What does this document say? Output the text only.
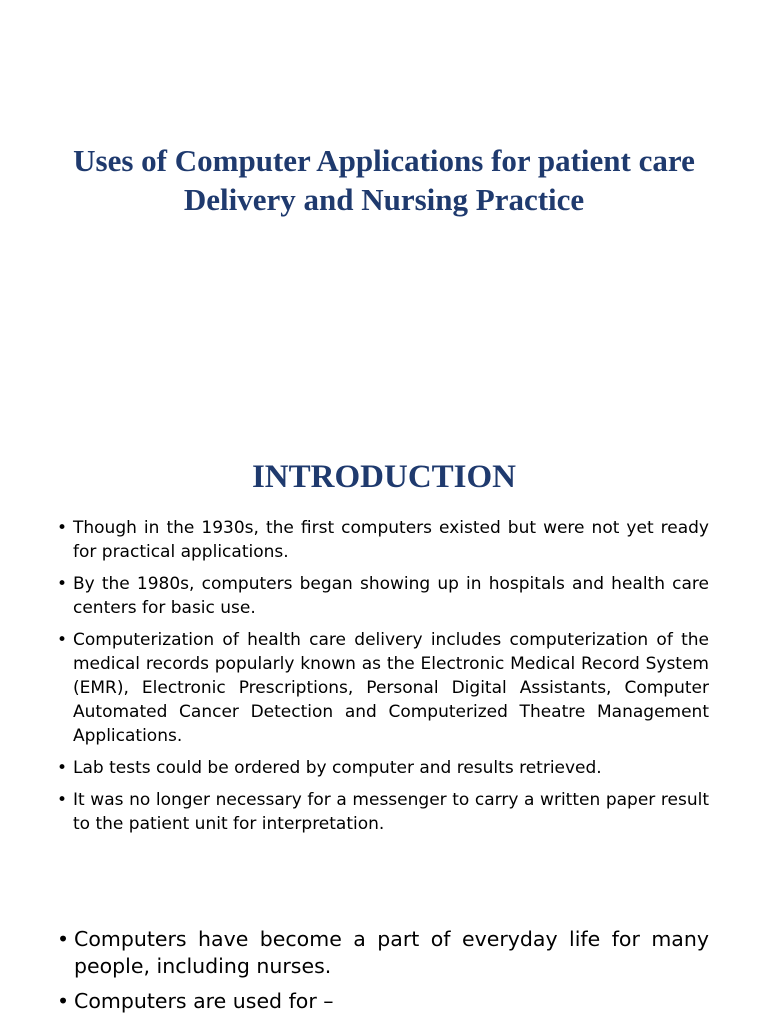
Uses of Computer Applications for patient care Delivery and Nursing Practice
INTRODUCTION
• Though in the 1930s, the first computers existed but were not yet ready for practical applications.
• By the 1980s, computers began showing up in hospitals and health care centers for basic use.
• Computerization of health care delivery includes computerization of the medical records popularly known as the Electronic Medical Record System (EMR), Electronic Prescriptions, Personal Digital Assistants, Computer Automated Cancer Detection and Computerized Theatre Management Applications.
• Lab tests could be ordered by computer and results retrieved.
• It was no longer necessary for a messenger to carry a written paper result to the patient unit for interpretation.
• Computers have become a part of everyday life for many people, including nurses.
• Computers are used for –
